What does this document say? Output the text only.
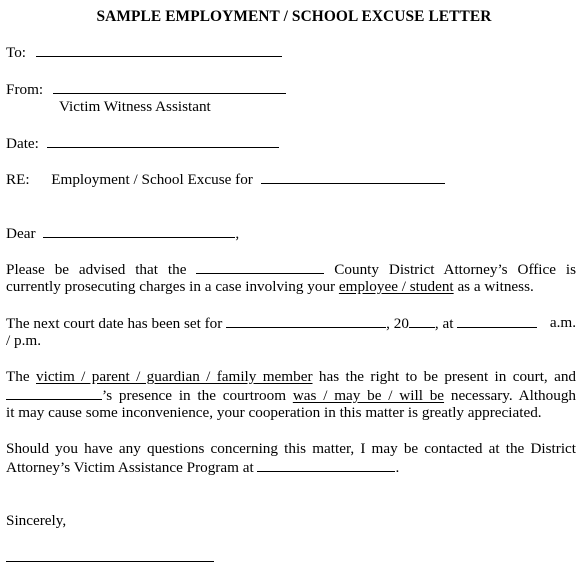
SAMPLE EMPLOYMENT / SCHOOL EXCUSE LETTER
To:
From:
Victim Witness Assistant
Date:
RE: Employment / School Excuse for
Dear	,
Please be advised that the	County District Attorney’s Office is
currently prosecuting charges in a case involving your employee / student as a witness.
The next court date has been set for	, 20 , at	a.m.
/ p.m.
The victim / parent / guardian / family member has the right to be present in court, and
’s presence in the courtroom was / may be / will be necessary. Although
it may cause some inconvenience, your cooperation in this matter is greatly appreciated.
Should you have any questions concerning this matter, I may be contacted at the District
Attorney’s Victim Assistance Program at	.
Sincerely,
